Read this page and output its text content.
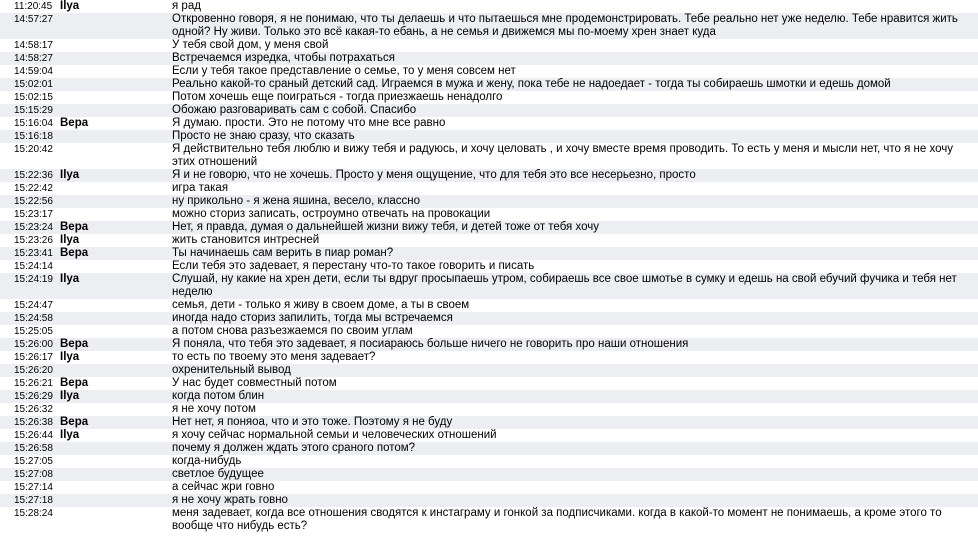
11:20:45 Ilya	я рад
14:57:27	Откровенно говоря, я не понимаю, что ты делаешь и что пытаешься мне продемонстрировать. Тебе реально нет уже неделю. Тебе нравится жить одной? Ну живи. Только это всё какая-то ебань, а не семья и движемся мы по-моему хрен знает куда
14:58:17	У тебя свой дом, у меня свой
14:58:27	Встречаемся изредка, чтобы потрахаться
14:59:04	Если у тебя такое представление о семье, то у меня совсем нет
15:02:01	Реально какой-то сраный детский сад. Играемся в мужа и жену, пока тебе не надоедает - тогда ты собираешь шмотки и едешь домой
15:02:15	Потом хочешь еще поиграться - тогда приезжаешь ненадолго
15:15:29	Обожаю разговаривать сам с собой. Спасибо
15:16:04 Вера	Я думаю. прости. Это не потому что мне все равно
15:16:18	Просто не знаю сразу, что сказать
15:20:42	Я действительно тебя люблю и вижу тебя и радуюсь, и хочу целовать , и хочу вместе время проводить. То есть у меня и мысли нет, что я не хочу этих отношений
15:22:36 Ilya	Я и не говорю, что не хочешь. Просто у меня ощущение, что для тебя это все несерьезно, просто
15:22:42	игра такая
15:22:56	ну прикольно - я жена яшина, весело, классно
15:23:17	можно сториз записать, остроумно отвечать на провокации
15:23:24 Вера	Нет, я правда, думая о дальнейшей жизни вижу тебя, и детей тоже от тебя хочу
15:23:26 Ilya	жить становится интресней
15:23:41 Вера	Ты начинаешь сам верить в пиар роман?
15:24:14	Если тебя это задевает, я перестану что-то такое говорить и писать
15:24:19 Ilya	Слушай, ну какие на хрен дети, если ты вдруг просыпаешь утром, собираешь все свое шмотье в сумку и едешь на свой ебучий фучика и тебя нет неделю
15:24:47	семья, дети - только я живу в своем доме, а ты в своем
15:24:58	иногда надо сториз запилить, тогда мы встречаемся
15:25:05	а потом снова разъезжаемся по своим углам
15:26:00 Вера	Я поняла, что тебя это задевает, я посиараюсь больше ничего не говорить про наши отношения
15:26:17 Ilya	то есть по твоему это меня задевает?
15:26:20	охренительный вывод
15:26:21 Вера	У нас будет совместный потом
15:26:29 Ilya	когда потом блин
15:26:32	я не хочу потом
15:26:38 Вера	Нет нет, я поняоа, что и это тоже. Поэтому я не буду
15:26:44 Ilya	я хочу сейчас нормальной семьи и человеческих отношений
15:26:58	почему я должен ждать этого сраного потом?
15:27:05	когда-нибудь
15:27:08	светлое будущее
15:27:14	а сейчас жри говно
15:27:18	я не хочу жрать говно
15:28:24	меня задевает, когда все отношения сводятся к инстаграму и гонкой за подписчиками. когда в какой-то момент не понимаешь, а кроме этого то вообще что нибудь есть?
